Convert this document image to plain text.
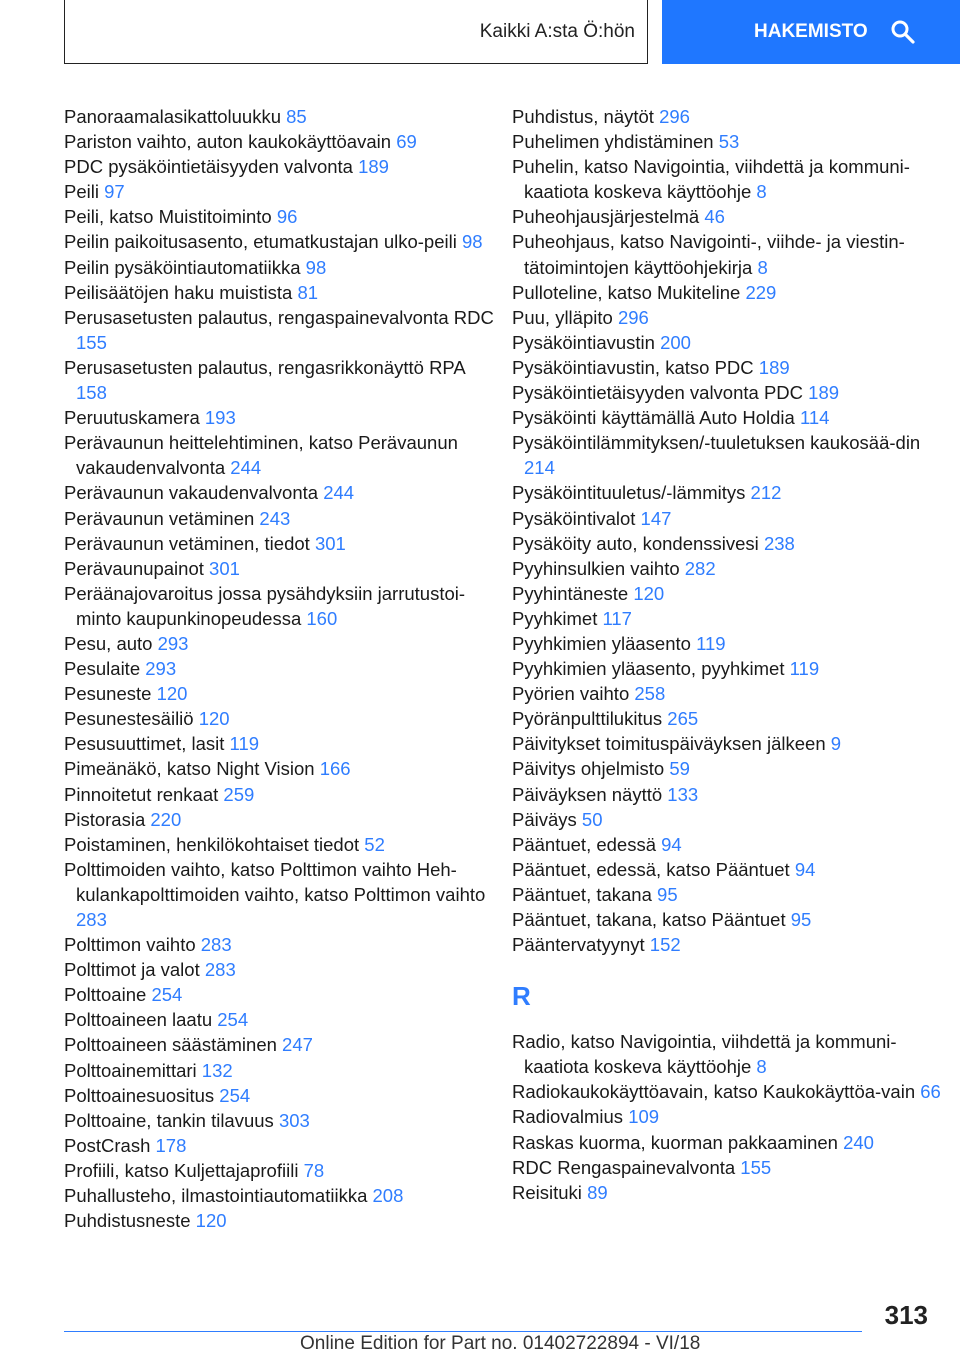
Kaikki A:sta Ö:hön	HAKEMISTO
Panoraamalasikattoluukku 85
Pariston vaihto, auton kaukokäyttöavain 69
PDC pysäköintietäisyyden valvonta 189
Peili 97
Peili, katso Muistitoiminto 96
Peilin paikoitusasento, etumatkustajan ulko-peili 98
Peilin pysäköintiautomatiikka 98
Peilisäätöjen haku muistista 81
Perusasetusten palautus, rengaspainevalvonta RDC 155
Perusasetusten palautus, rengasrikkonäyttö RPA 158
Peruutuskamera 193
Perävaunun heittelehtiminen, katso Perävaunun vakaudenvalvonta 244
Perävaunun vakaudenvalvonta 244
Perävaunun vetäminen 243
Perävaunun vetäminen, tiedot 301
Perävaunupainot 301
Peräänajovaroitus jossa pysähdyksiin jarrutustoi-minto kaupunkinopeudessa 160
Pesu, auto 293
Pesulaite 293
Pesuneste 120
Pesunestesäiliö 120
Pesusuuttimet, lasit 119
Pimeänäkö, katso Night Vision 166
Pinnoitetut renkaat 259
Pistorasia 220
Poistaminen, henkilökohtaiset tiedot 52
Polttimoiden vaihto, katso Polttimon vaihto Heh-kulankapolttimoiden vaihto, katso Polttimon vaihto 283
Polttimon vaihto 283
Polttimot ja valot 283
Polttoaine 254
Polttoaineen laatu 254
Polttoaineen säästäminen 247
Polttoainemittari 132
Polttoainesuositus 254
Polttoaine, tankin tilavuus 303
PostCrash 178
Profiili, katso Kuljettajaprofiili 78
Puhallusteho, ilmastointiautomatiikka 208
Puhdistusneste 120
Puhdistus, näytöt 296
Puhelimen yhdistäminen 53
Puhelin, katso Navigointia, viihdettä ja kommuni-kaatiota koskeva käyttöohje 8
Puheohjausjärjestelmä 46
Puheohjaus, katso Navigointi-, viihde- ja viestin-tätoimintojen käyttöohjekirja 8
Pulloteline, katso Mukiteline 229
Puu, ylläpito 296
Pysäköintiavustin 200
Pysäköintiavustin, katso PDC 189
Pysäköintietäisyyden valvonta PDC 189
Pysäköinti käyttämällä Auto Holdia 114
Pysäköintilämmityksen/-tuuletuksen kaukosää-din 214
Pysäköintituuletus/-lämmitys 212
Pysäköintivalot 147
Pysäköity auto, kondenssivesi 238
Pyyhinsulkien vaihto 282
Pyyhintäneste 120
Pyyhkimet 117
Pyyhkimien yläasento 119
Pyyhkimien yläasento, pyyhkimet 119
Pyörien vaihto 258
Pyöränpulttilukitus 265
Päivitykset toimituspäiväyksen jälkeen 9
Päivitys ohjelmisto 59
Päiväyksen näyttö 133
Päiväys 50
Pääntuet, edessä 94
Pääntuet, edessä, katso Pääntuet 94
Pääntuet, takana 95
Pääntuet, takana, katso Pääntuet 95
Pääntervatyynyt 152
R
Radio, katso Navigointia, viihdettä ja kommuni-kaatiota koskeva käyttöohje 8
Radiokaukokäyttöavain, katso Kaukokäyttöa-vain 66
Radiovalmius 109
Raskas kuorma, kuorman pakkaaminen 240
RDC Rengaspainevalvonta 155
Reisituki 89
313
Online Edition for Part no. 01402722894 - VI/18
